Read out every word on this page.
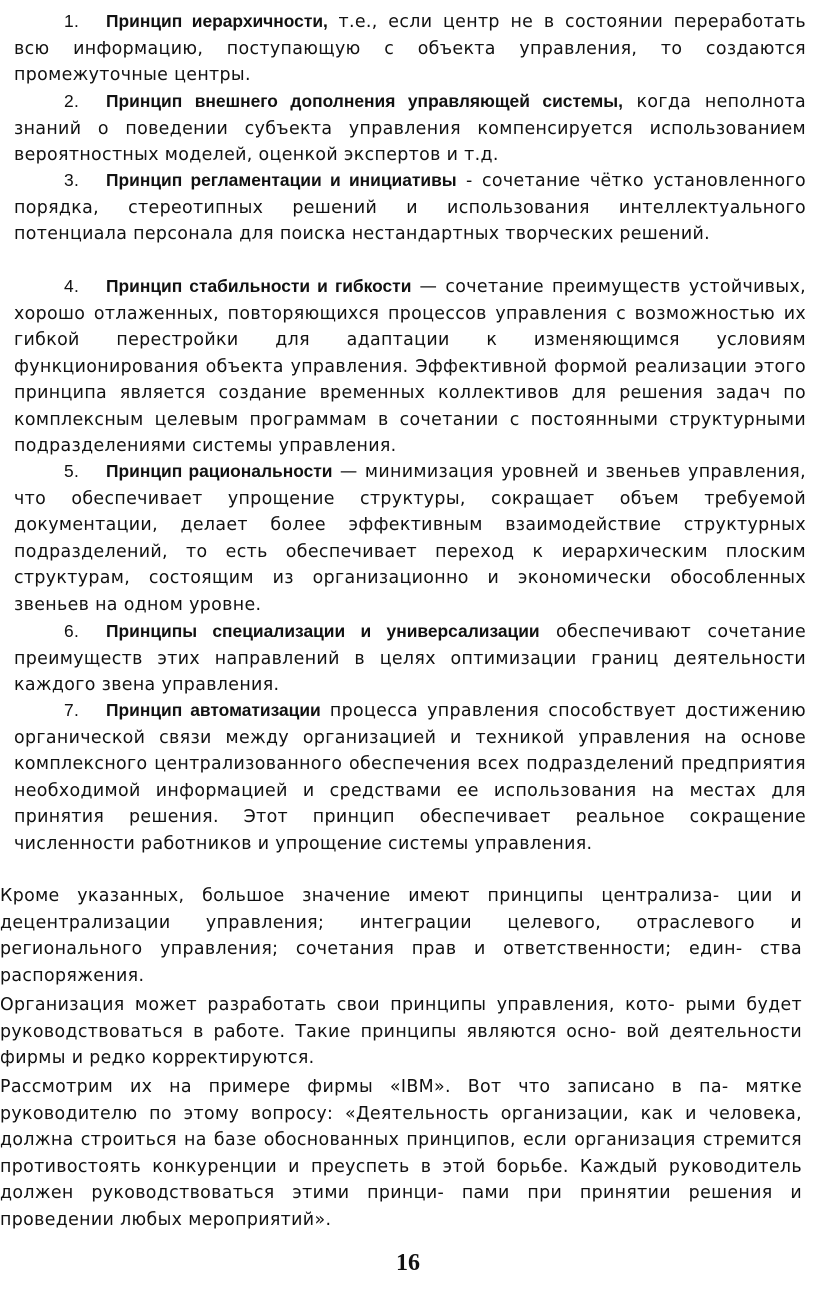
1. Принцип иерархичности, т.е., если центр не в состоянии переработать всю информацию, поступающую с объекта управления, то создаются промежуточные центры.

2. Принцип внешнего дополнения управляющей системы, когда неполнота знаний о поведении субъекта управления компенсируется использованием вероятностных моделей, оценкой экспертов и т.д.

3. Принцип регламентации и инициативы - сочетание чётко установленного порядка, стереотипных решений и использования интеллектуального потенциала персонала для поиска нестандартных творческих решений.

4. Принцип стабильности и гибкости — сочетание преимуществ устойчивых, хорошо отлаженных, повторяющихся процессов управления с возможностью их гибкой перестройки для адаптации к изменяющимся условиям функционирования объекта управления. Эффективной формой реализации этого принципа является создание временных коллективов для решения задач по комплексным целевым программам в сочетании с постоянными структурными подразделениями системы управления.

5. Принцип рациональности — минимизация уровней и звеньев управления, что обеспечивает упрощение структуры, сокращает объем требуемой документации, делает более эффективным взаимодействие структурных подразделений, то есть обеспечивает переход к иерархическим плоским структурам, состоящим из организационно и экономически обособленных звеньев на одном уровне.

6. Принципы специализации и универсализации обеспечивают сочетание преимуществ этих направлений в целях оптимизации границ деятельности каждого звена управления.

7. Принцип автоматизации процесса управления способствует достижению органической связи между организацией и техникой управления на основе комплексного централизованного обеспечения всех подразделений предприятия необходимой информацией и средствами ее использования на местах для принятия решения. Этот принцип обеспечивает реальное сокращение численности работников и упрощение системы управления.

Кроме указанных, большое значение имеют принципы централиза- ции и децентрализации управления; интеграции целевого, отраслевого и регионального управления; сочетания прав и ответственности; един- ства распоряжения.

Организация может разработать свои принципы управления, кото- рыми будет руководствоваться в работе. Такие принципы являются осно- вой деятельности фирмы и редко корректируются.

Рассмотрим их на примере фирмы «IBM». Вот что записано в па- мятке руководителю по этому вопросу: «Деятельность организации, как и человека, должна строиться на базе обоснованных принципов, если организация стремится противостоять конкуренции и преуспеть в этой борьбе. Каждый руководитель должен руководствоваться этими принци- пами при принятии решения и проведении любых мероприятий».

16
